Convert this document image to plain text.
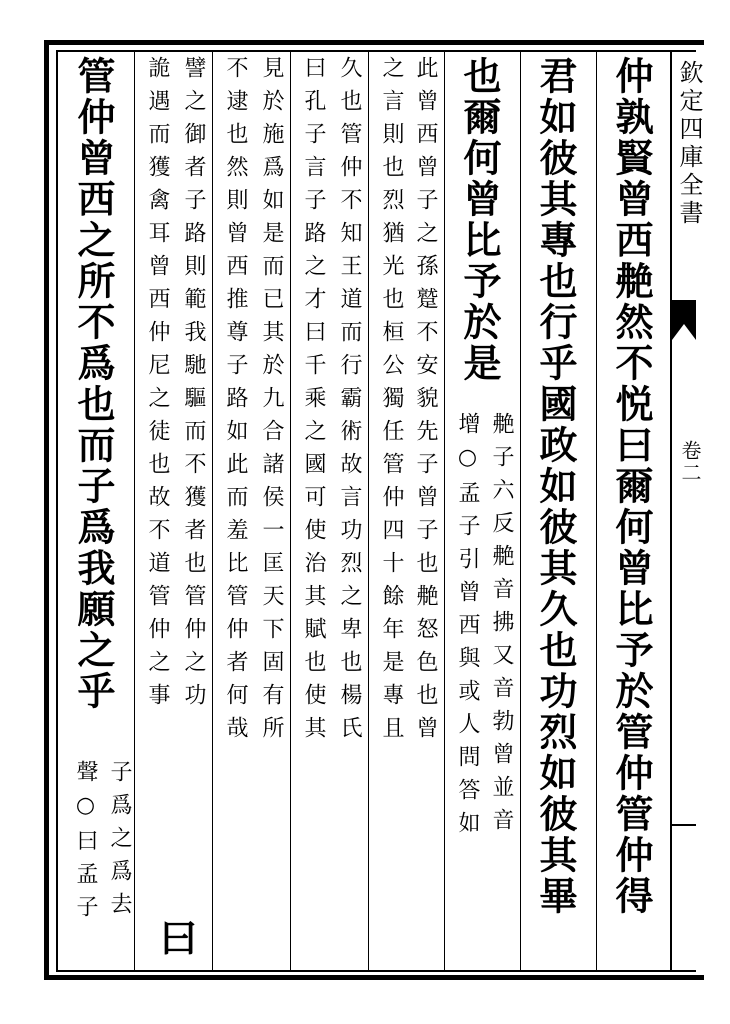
欽定四庫全書
卷二
仲孰賢曾西艴然不悦曰爾何曾比予於管仲管仲得
君如彼其專也行乎國政如彼其久也功烈如彼其畢
也爾何曾比予於是
艴子六反艴音拂又音勃曾並音
增○孟子引曾西與或人問答如
此曾西曾子之孫蹵不安貌先子曾子也艴怒色也曾
之言則也烈猶光也桓公獨任管仲四十餘年是專且
久也管仲不知王道而行霸術故言功烈之卑也楊氏
曰孔子言子路之才曰千乘之國可使治其賦也使其
見於施爲如是而已其於九合諸侯一匡天下固有所
不逮也然則曾西推尊子路如此而羞比管仲者何哉
譬之御者子路則範我馳驅而不獲者也管仲之功
詭遇而獲禽耳曾西仲尼之徒也故不道管仲之事
曰
管仲曾西之所不爲也而子爲我願之乎
子爲之爲去
聲○曰孟子
